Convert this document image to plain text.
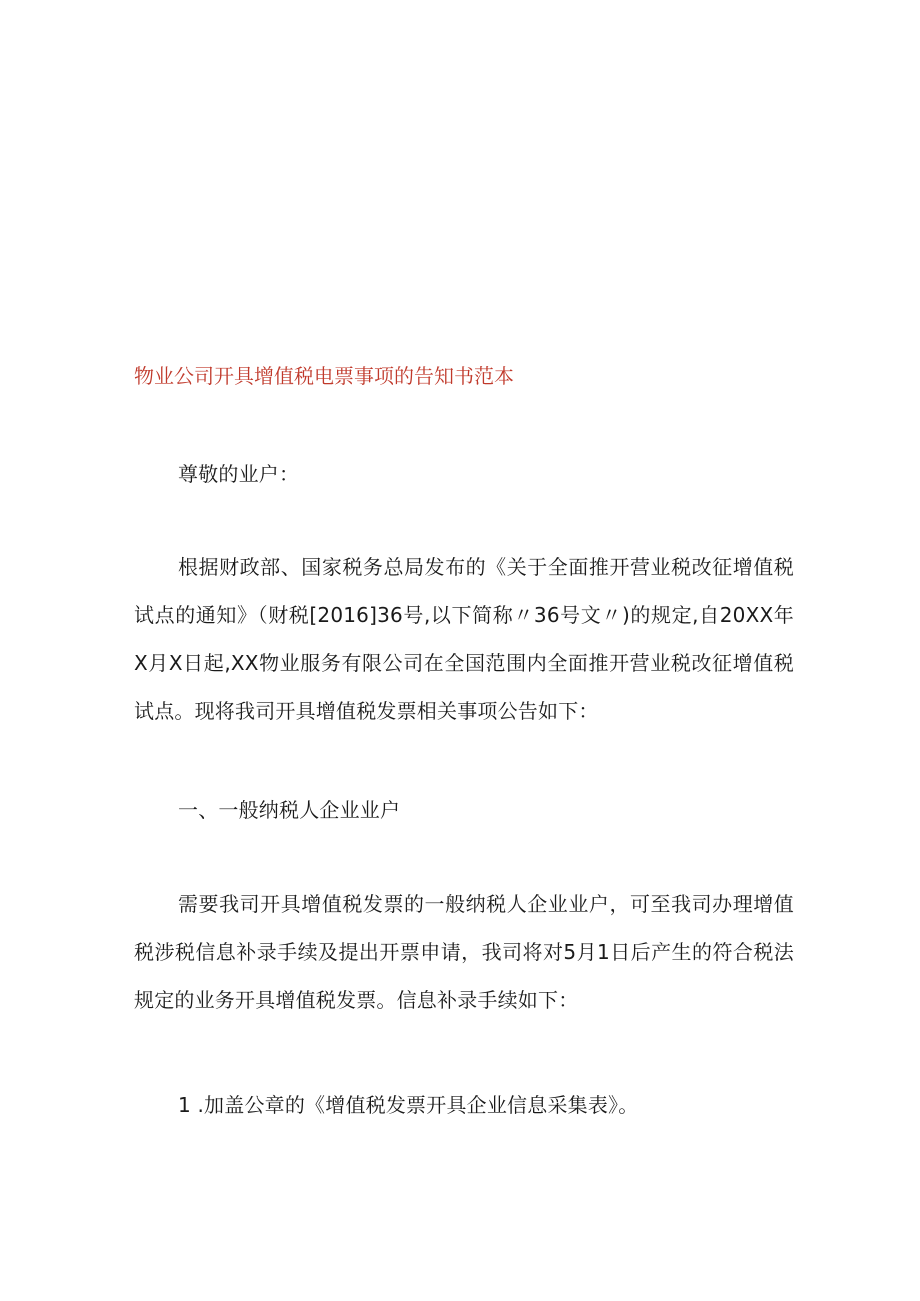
物业公司开具增值税电票事项的告知书范本
尊敬的业户：
根据财政部、国家税务总局发布的《关于全面推开营业税改征增值税试点的通知》（财税[2016]36号,以下简称〃36号文〃)的规定,自20XX年X月X日起,XX物业服务有限公司在全国范围内全面推开营业税改征增值税试点。现将我司开具增值税发票相关事项公告如下：
一、一般纳税人企业业户
需要我司开具增值税发票的一般纳税人企业业户，可至我司办理增值税涉税信息补录手续及提出开票申请，我司将对5月1日后产生的符合税法规定的业务开具增值税发票。信息补录手续如下：
1 .加盖公章的《增值税发票开具企业信息采集表》。
